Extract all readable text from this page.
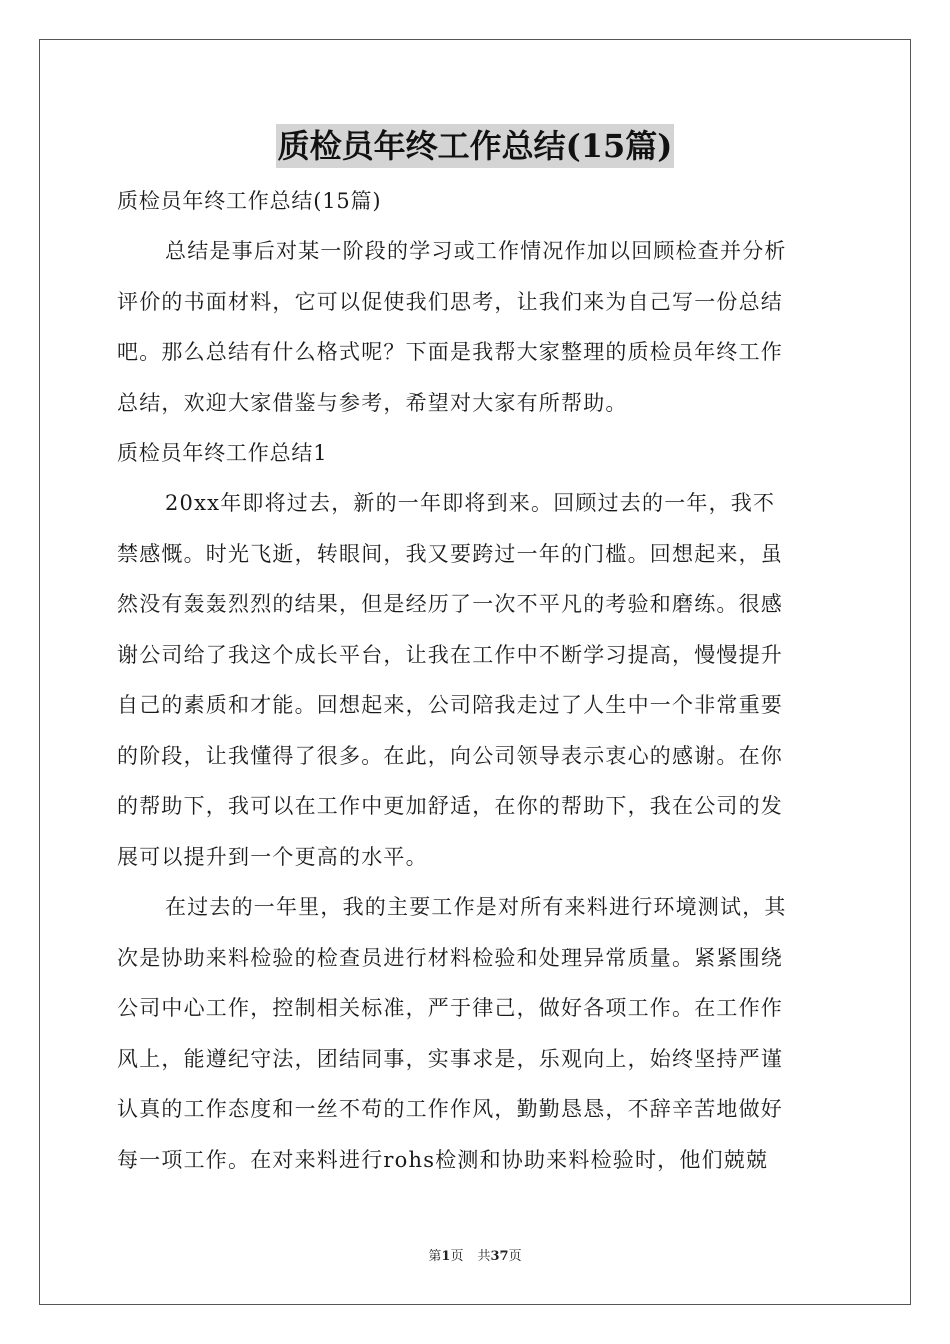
质检员年终工作总结(15篇)
质检员年终工作总结(15篇)
总结是事后对某一阶段的学习或工作情况作加以回顾检查并分析
评价的书面材料，它可以促使我们思考，让我们来为自己写一份总结
吧。那么总结有什么格式呢？下面是我帮大家整理的质检员年终工作
总结，欢迎大家借鉴与参考，希望对大家有所帮助。
质检员年终工作总结1
20xx年即将过去，新的一年即将到来。回顾过去的一年，我不
禁感慨。时光飞逝，转眼间，我又要跨过一年的门槛。回想起来，虽
然没有轰轰烈烈的结果，但是经历了一次不平凡的考验和磨练。很感
谢公司给了我这个成长平台，让我在工作中不断学习提高，慢慢提升
自己的素质和才能。回想起来，公司陪我走过了人生中一个非常重要
的阶段，让我懂得了很多。在此，向公司领导表示衷心的感谢。在你
的帮助下，我可以在工作中更加舒适，在你的帮助下，我在公司的发
展可以提升到一个更高的水平。
在过去的一年里，我的主要工作是对所有来料进行环境测试，其
次是协助来料检验的检查员进行材料检验和处理异常质量。紧紧围绕
公司中心工作，控制相关标准，严于律己，做好各项工作。在工作作
风上，能遵纪守法，团结同事，实事求是，乐观向上，始终坚持严谨
认真的工作态度和一丝不苟的工作作风，勤勤恳恳，不辞辛苦地做好
每一项工作。在对来料进行rohs检测和协助来料检验时，他们兢兢
第1页 共37页
